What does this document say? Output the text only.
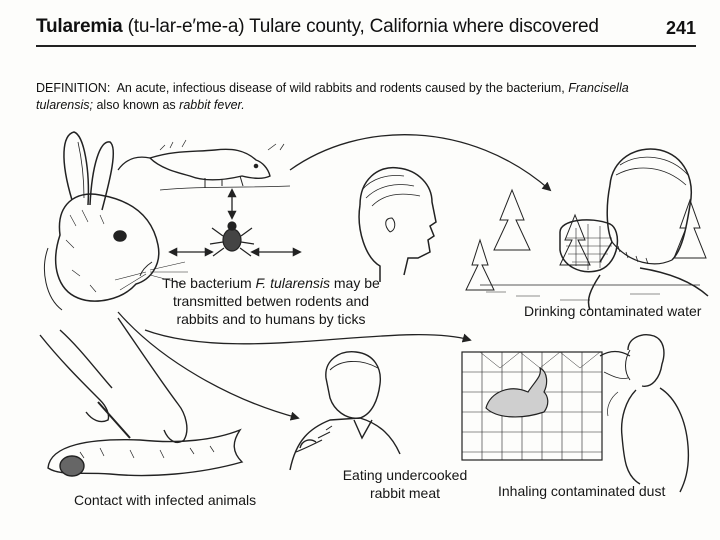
Tularemia (tu-lar-e′me-a) Tulare county, California where discovered	241
DEFINITION: An acute, infectious disease of wild rabbits and rodents caused by the bacterium, Francisella
tularensis; also known as rabbit fever.
The bacterium F. tularensis may be
transmitted betwen rodents and
rabbits and to humans by ticks	Drinking contaminated water
Contact with infected animals
Eating undercooked
rabbit meat	Inhaling contaminated dust
